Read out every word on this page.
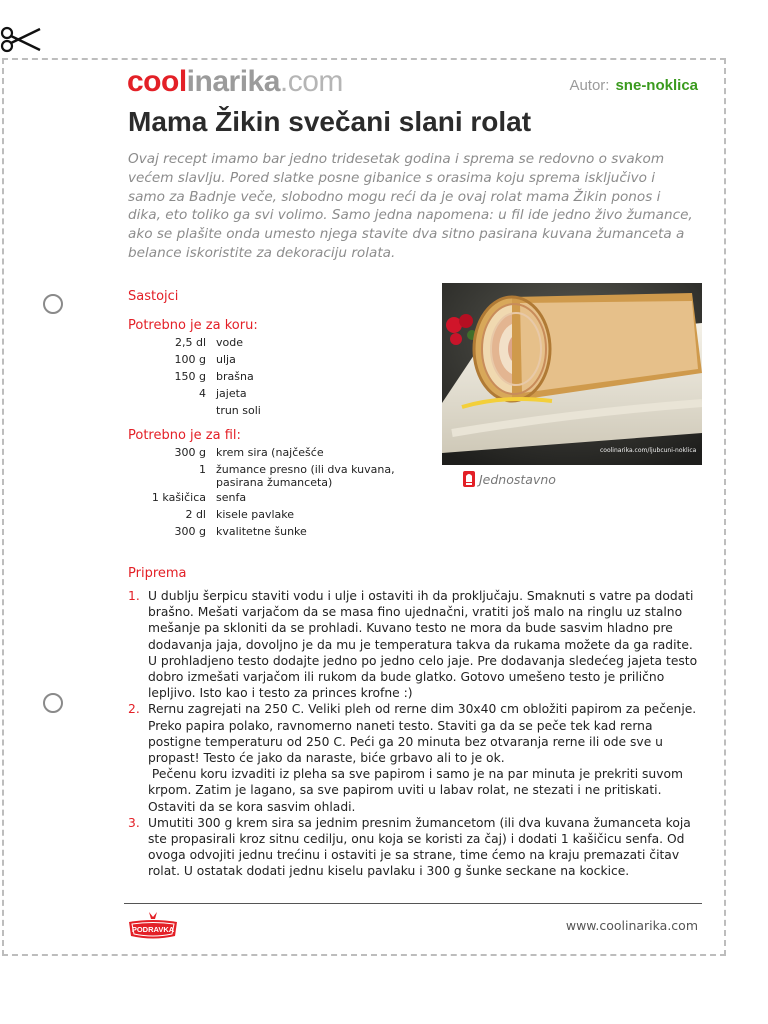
coolinarika.com	Autor: sne-noklica
Mama Žikin svečani slani rolat

Ovaj recept imamo bar jedno tridesetak godina i sprema se redovno o svakom većem slavlju. Pored slatke posne gibanice s orasima koju sprema isključivo i samo za Badnje veče, slobodno mogu reći da je ovaj rolat mama Žikin ponos i dika, eto toliko ga svi volimo. Samo jedna napomena: u fil ide jedno živo žumance, ako se plašite onda umesto njega stavite dva sitno pasirana kuvana žumanceta a belance iskoristite za dekoraciju rolata.

Sastojci
Potrebno je za koru:
2,5 dl vode
100 g ulja
150 g brašna
4 jajeta
trun soli
Potrebno je za fil:
300 g krem sira (najčešće
1 žumance presno (ili dva kuvana, pasirana žumanceta)
1 kašičica senfa
2 dl kisele pavlake
300 g kvalitetne šunke
coolinarika.com/ljubcuni-noklica
Jednostavno
Priprema
1. U dublju šerpicu staviti vodu i ulje i ostaviti ih da proključaju. Smaknuti s vatre pa dodati brašno. Mešati varjačom da se masa fino ujednačni, vratiti još malo na ringlu uz stalno mešanje pa skloniti da se prohladi. Kuvano testo ne mora da bude sasvim hladno pre dodavanja jaja, dovoljno je da mu je temperatura takva da rukama možete da ga radite. U prohladjeno testo dodajte jedno po jedno celo jaje. Pre dodavanja sledećeg jajeta testo dobro izmešati varjačom ili rukom da bude glatko. Gotovo umešeno testo je prilično lepljivo. Isto kao i testo za princes krofne :)

2. Rernu zagrejati na 250 C. Veliki pleh od rerne dim 30x40 cm obložiti papirom za pečenje. Preko papira polako, ravnomerno naneti testo. Staviti ga da se peče tek kad rerna postigne temperaturu od 250 C. Peći ga 20 minuta bez otvaranja rerne ili ode sve u propast! Testo će jako da naraste, biće grbavo ali to je ok.

Pečenu koru izvaditi iz pleha sa sve papirom i samo je na par minuta je prekriti suvom krpom. Zatim je lagano, sa sve papirom uviti u labav rolat, ne stezati i ne pritiskati. Ostaviti da se kora sasvim ohladi.

3. Umutiti 300 g krem sira sa jednim presnim žumancetom (ili dva kuvana žumanceta koja ste propasirali kroz sitnu cedilju, onu koja se koristi za čaj) i dodati 1 kašičicu senfa. Od ovoga odvojiti jednu trećinu i ostaviti je sa strane, time ćemo na kraju premazati čitav rolat. U ostatak dodati jednu kiselu pavlaku i 300 g šunke seckane na kockice.

PODRAVKA	www.coolinarika.com
